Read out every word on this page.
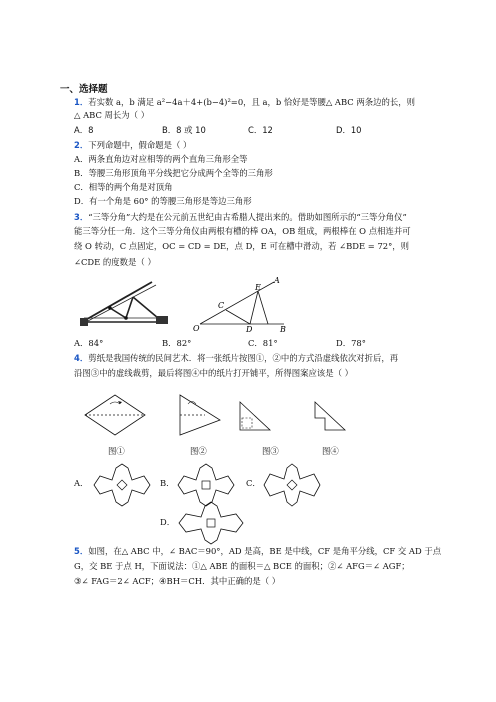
一、选择题
1．若实数 a，b 满足 a²−4a＋4+(b−4)²=0，且 a，b 恰好是等腰△ ABC 两条边的长，则
△ ABC 周长为（ ）
A．8	B．8 或 10	C．12	D．10
2．下列命题中，假命题是（ ）
A．两条直角边对应相等的两个直角三角形全等
B．等腰三角形顶角平分线把它分成两个全等的三角形
C．相等的两个角是对顶角
D．有一个角是 60° 的等腰三角形是等边三角形
3．“三等分角”大约是在公元前五世纪由古希腊人提出来的。借助如图所示的“三等分角仪”
能三等分任一角．这个三等分角仪由两根有槽的棒 OA，OB 组成，两根棒在 O 点相连并可
绕 O 转动，C 点固定，OC = CD = DE，点 D，E 可在槽中滑动，若 ∠BDE = 72°，则
∠CDE 的度数是（ ）
A
E
C
O	D	B
A．84°	B．82°	C．81°	D．78°
4．剪纸是我国传统的民间艺术．将一张纸片按图①，②中的方式沿虚线依次对折后，再
沿图③中的虚线裁剪，最后将图④中的纸片打开铺平，所得图案应该是（ ）
图①	图②	图③	图④
A．	B．	C．
D．
5．如图，在△ ABC 中，∠ BAC＝90°，AD 是高，BE 是中线，CF 是角平分线，CF 交 AD 于点
G，交 BE 于点 H，下面说法：①△ ABE 的面积＝△ BCE 的面积；②∠ AFG＝∠ AGF；
③∠ FAG＝2∠ ACF；④BH＝CH．其中正确的是（ ）
